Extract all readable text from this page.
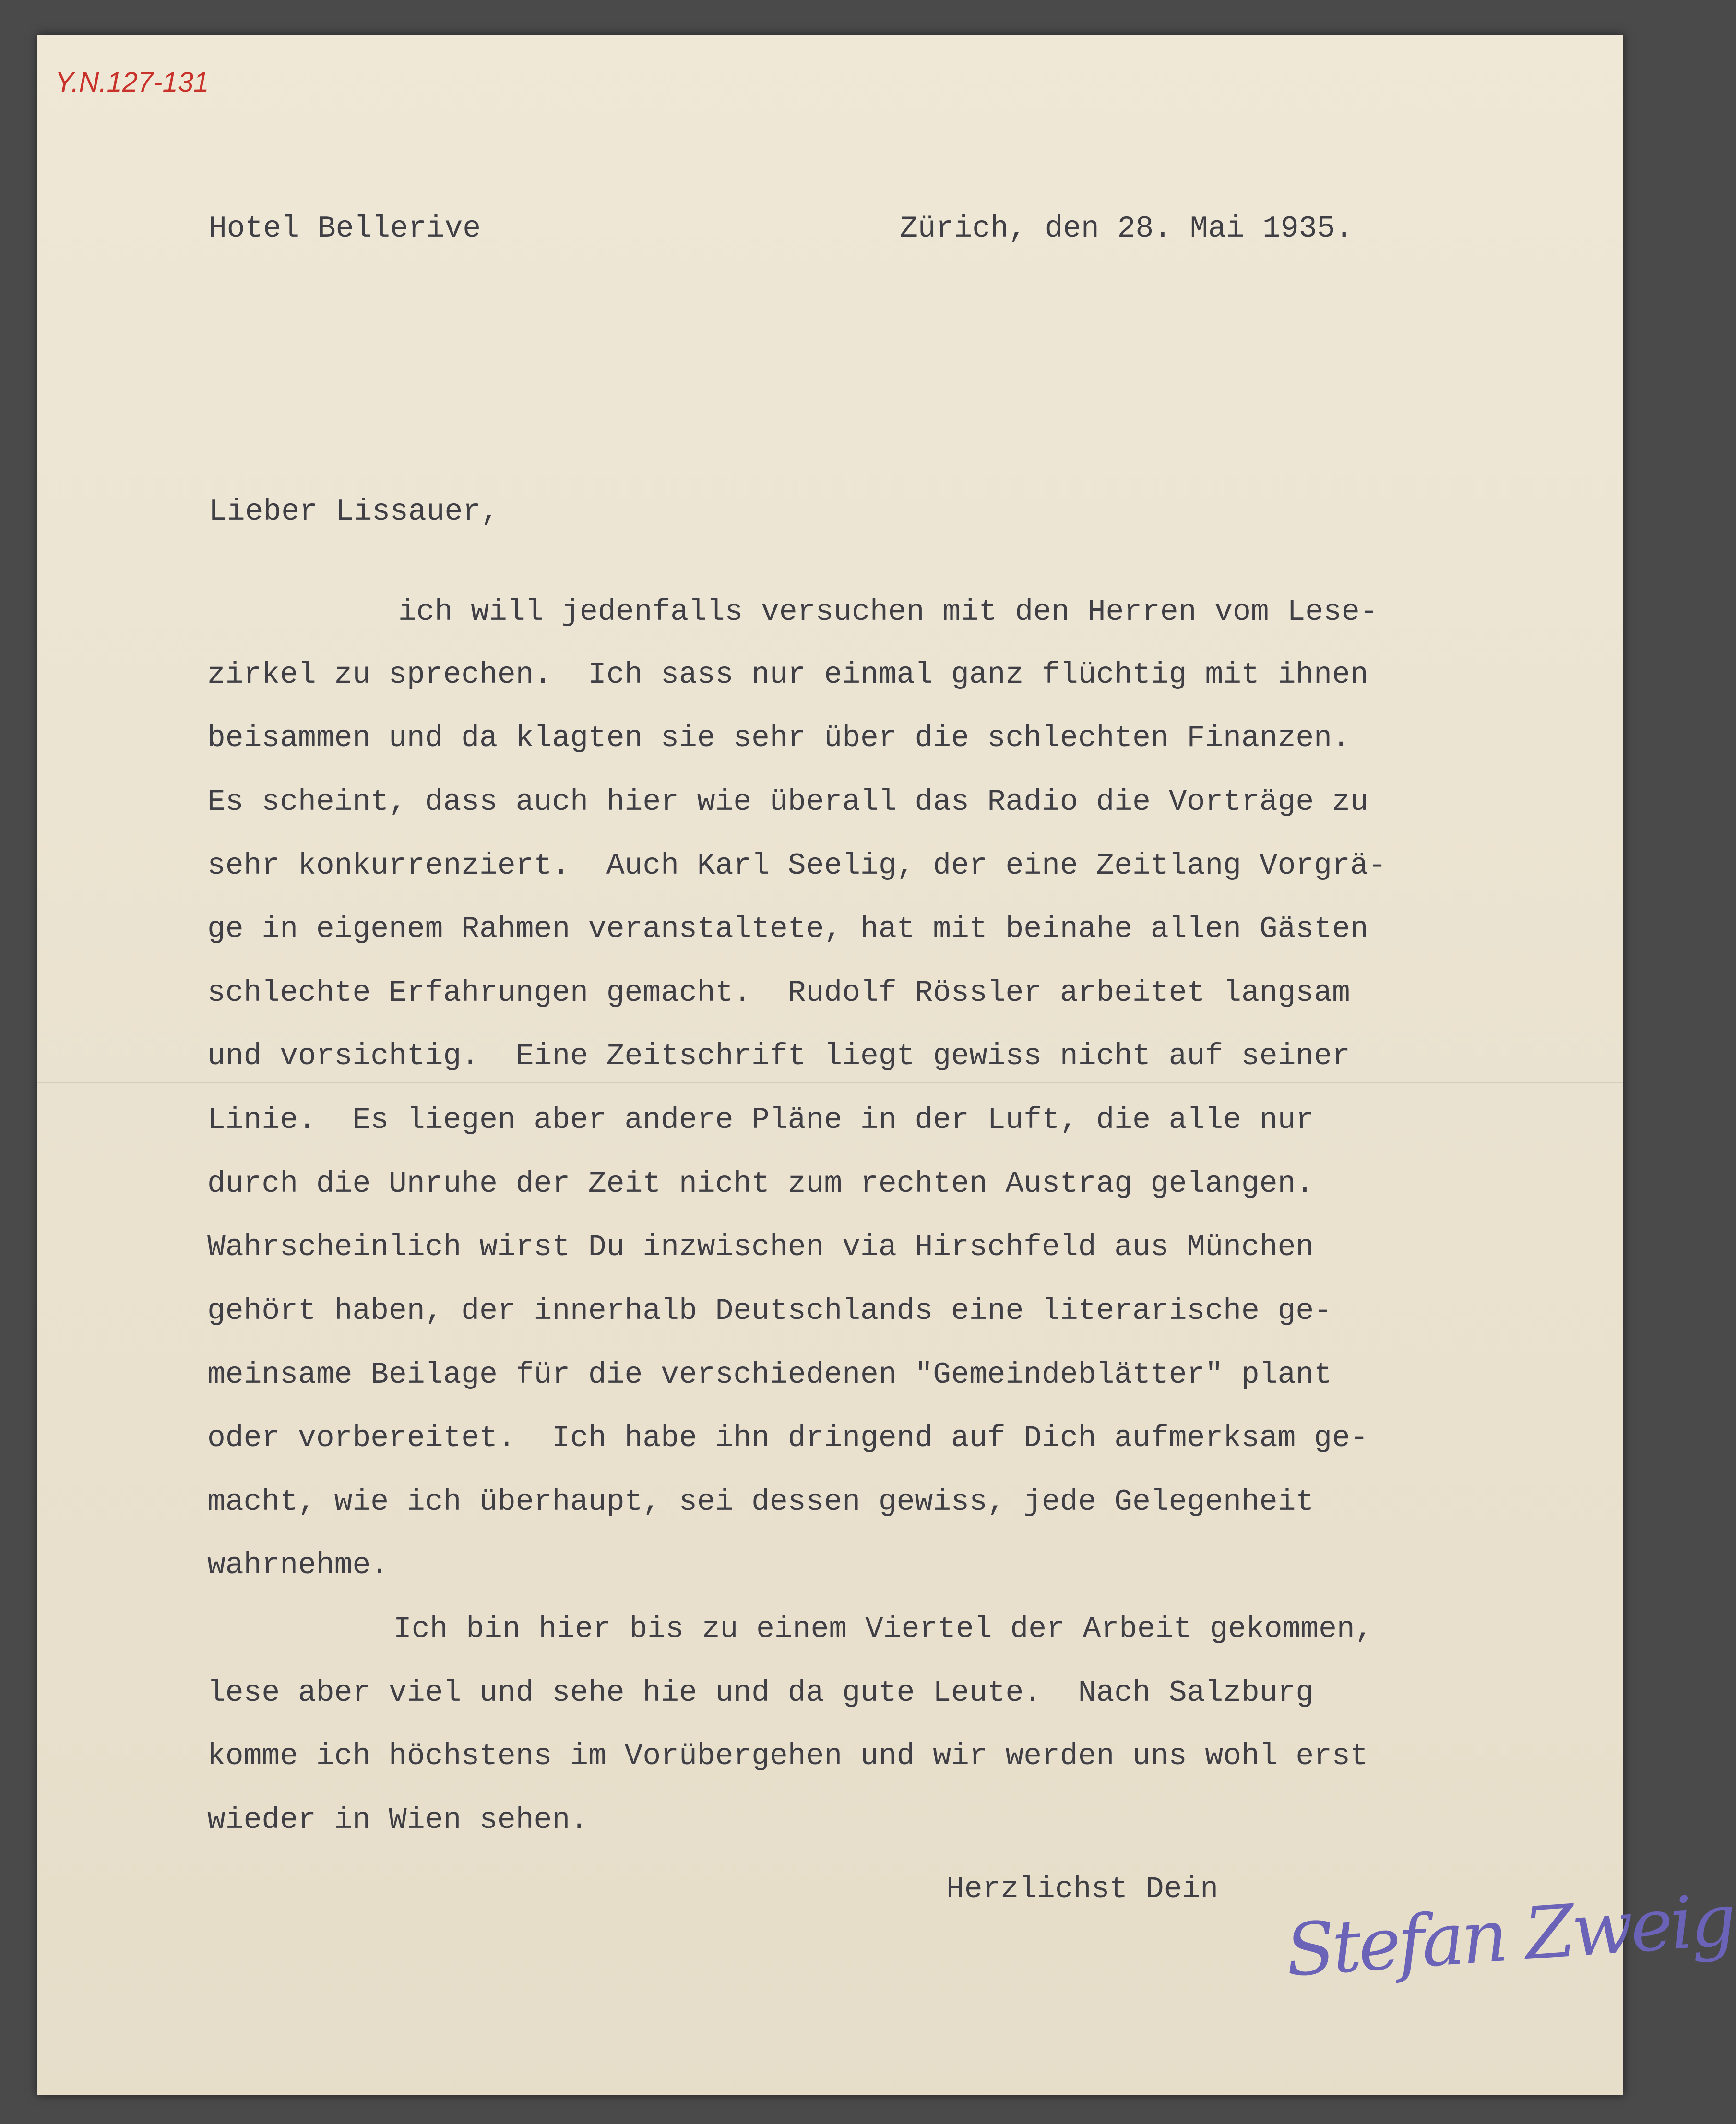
Y.N.127-131

Hotel Bellerive	Zürich, den 28. Mai 1935.

Lieber Lissauer,

ich will jedenfalls versuchen mit den Herren vom Lese-

zirkel zu sprechen.  Ich sass nur einmal ganz flüchtig mit ihnen

beisammen und da klagten sie sehr über die schlechten Finanzen.

Es scheint, dass auch hier wie überall das Radio die Vorträge zu

sehr konkurrenziert.  Auch Karl Seelig, der eine Zeitlang Vorgrä-

ge in eigenem Rahmen veranstaltete, hat mit beinahe allen Gästen

schlechte Erfahrungen gemacht.  Rudolf Rössler arbeitet langsam

und vorsichtig.  Eine Zeitschrift liegt gewiss nicht auf seiner

Linie.  Es liegen aber andere Pläne in der Luft, die alle nur

durch die Unruhe der Zeit nicht zum rechten Austrag gelangen.

Wahrscheinlich wirst Du inzwischen via Hirschfeld aus München

gehört haben, der innerhalb Deutschlands eine literarische ge-

meinsame Beilage für die verschiedenen "Gemeindeblätter" plant

oder vorbereitet.  Ich habe ihn dringend auf Dich aufmerksam ge-

macht, wie ich überhaupt, sei dessen gewiss, jede Gelegenheit

wahrnehme.

Ich bin hier bis zu einem Viertel der Arbeit gekommen,

lese aber viel und sehe hie und da gute Leute.  Nach Salzburg

komme ich höchstens im Vorübergehen und wir werden uns wohl erst

wieder in Wien sehen.

Herzlichst Dein Stefan Zweig
